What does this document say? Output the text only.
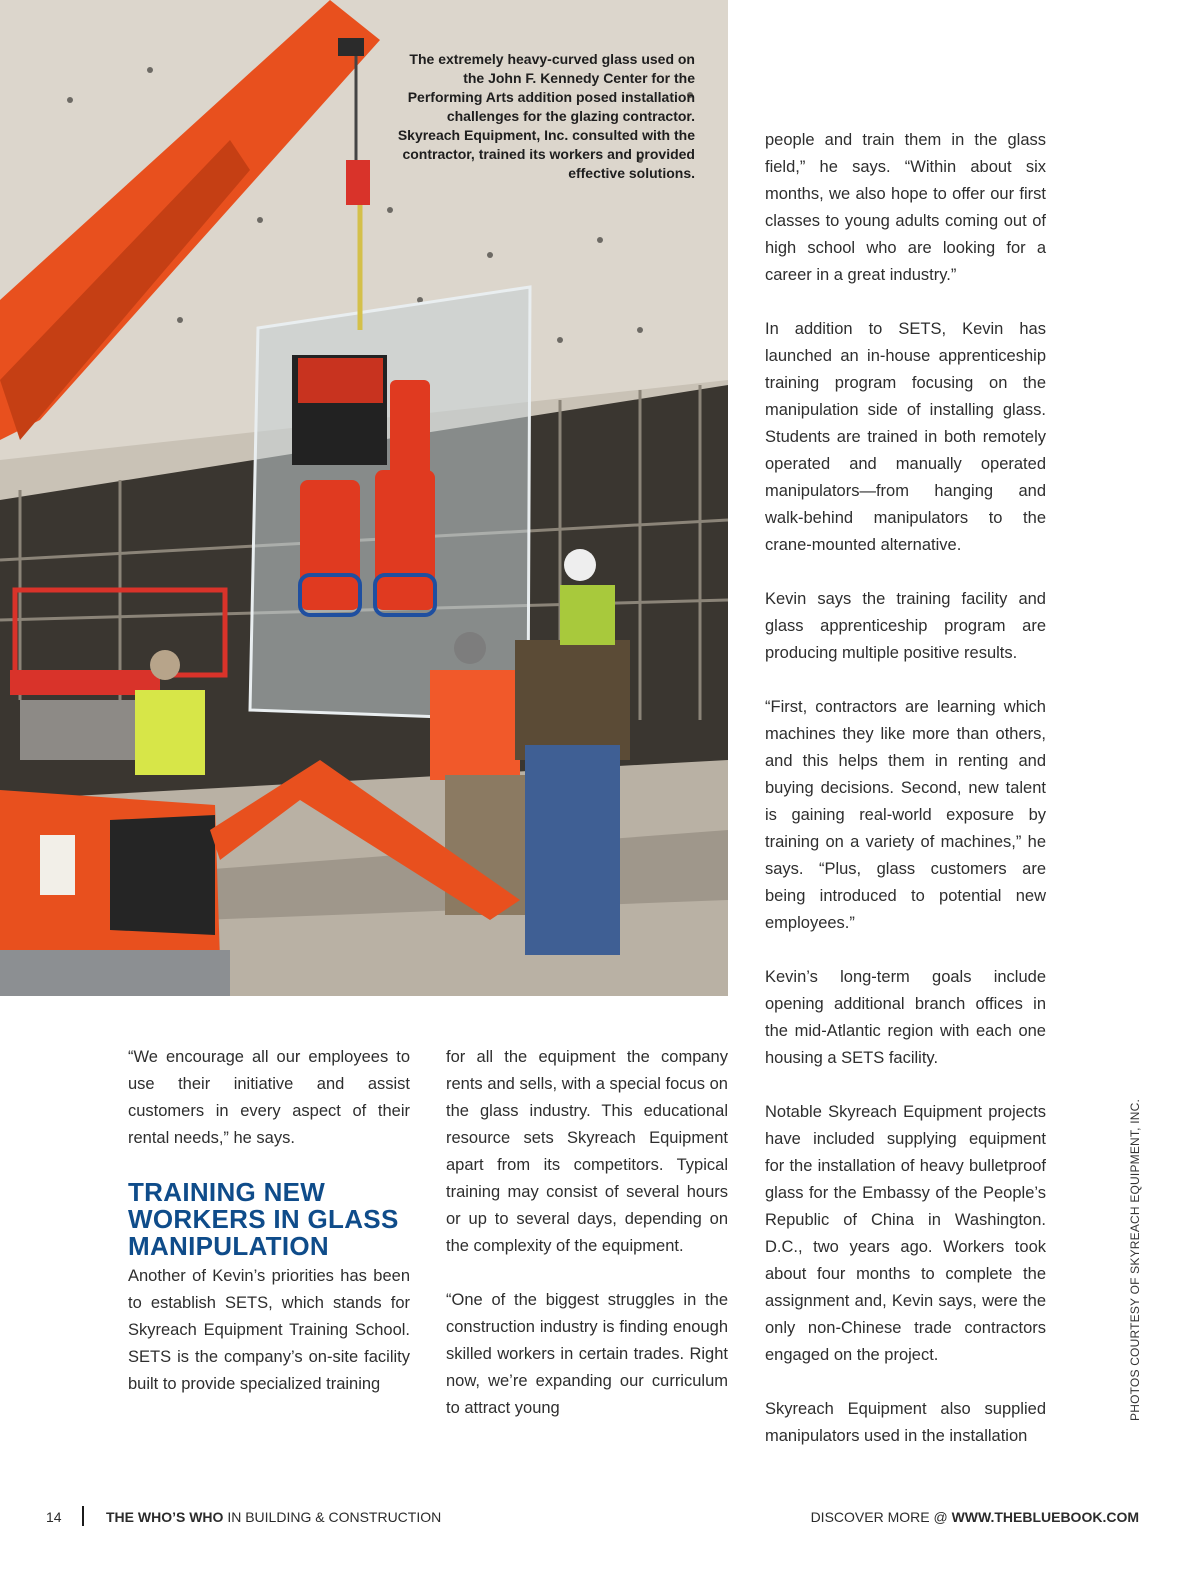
The extremely heavy-curved glass used on the John F. Kennedy Center for the Performing Arts addition posed installation challenges for the glazing contractor. Skyreach Equipment, Inc. consulted with the contractor, trained its workers and provided effective solutions.

“We encourage all our employees to use their initiative and assist customers in every aspect of their rental needs,” he says.

TRAINING NEW WORKERS IN GLASS MANIPULATION

Another of Kevin’s priorities has been to establish SETS, which stands for Skyreach Equipment Training School. SETS is the company’s on-site facility built to provide specialized training

for all the equipment the company rents and sells, with a special focus on the glass industry. This educational resource sets Skyreach Equipment apart from its competitors. Typical training may consist of several hours or up to several days, depending on the complexity of the equipment.

“One of the biggest struggles in the construction industry is finding enough skilled workers in certain trades. Right now, we’re expanding our curriculum to attract young

people and train them in the glass field,” he says. “Within about six months, we also hope to offer our first classes to young adults coming out of high school who are looking for a career in a great industry.”

In addition to SETS, Kevin has launched an in-house apprenticeship training program focusing on the manipulation side of installing glass. Students are trained in both remotely operated and manually operated manipulators—from hanging and walk-behind manipulators to the crane-mounted alternative.

Kevin says the training facility and glass apprenticeship program are producing multiple positive results.

“First, contractors are learning which machines they like more than others, and this helps them in renting and buying decisions. Second, new talent is gaining real-world exposure by training on a variety of machines,” he says. “Plus, glass customers are being introduced to potential new employees.”

Kevin’s long-term goals include opening additional branch offices in the mid-Atlantic region with each one housing a SETS facility.

Notable Skyreach Equipment projects have included supplying equipment for the installation of heavy bulletproof glass for the Embassy of the People’s Republic of China in Washington. D.C., two years ago. Workers took about four months to complete the assignment and, Kevin says, were the only non-Chinese trade contractors engaged on the project.

Skyreach Equipment also supplied manipulators used in the installation

PHOTOS COURTESY OF SKYREACH EQUIPMENT, INC.
14	THE WHO’S WHO IN BUILDING & CONSTRUCTION	DISCOVER MORE @ WWW.THEBLUEBOOK.COM
